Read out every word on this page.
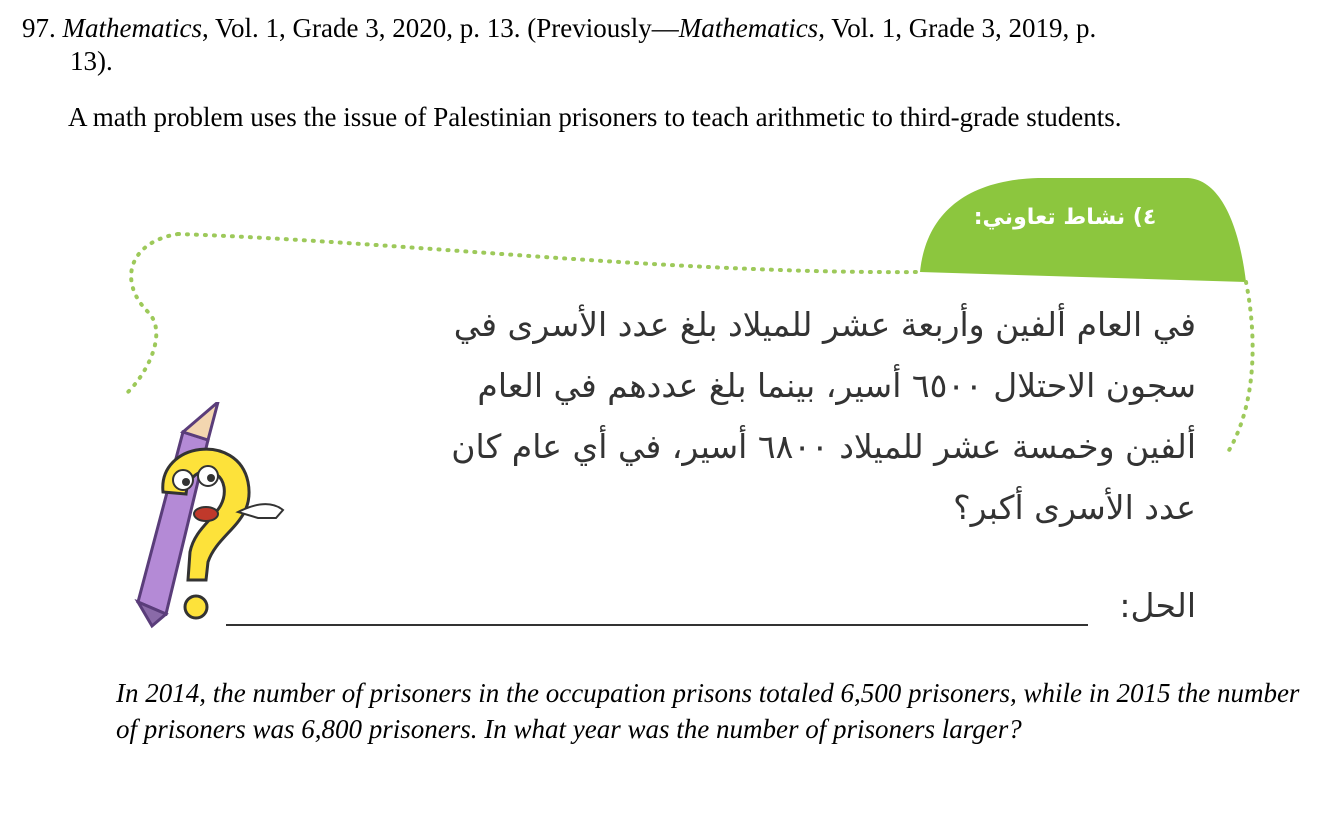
97. Mathematics, Vol. 1, Grade 3, 2020, p. 13. (Previously—Mathematics, Vol. 1, Grade 3, 2019, p.
13).
A math problem uses the issue of Palestinian prisoners to teach arithmetic to third-grade students.
٤) نشاط تعاوني:
في العام ألفين وأربعة عشر للميلاد بلغ عدد الأسرى في
سجون الاحتلال ٦٥٠٠ أسير، بينما بلغ عددهم في العام
ألفين وخمسة عشر للميلاد ٦٨٠٠ أسير، في أي عام كان
عدد الأسرى أكبر؟
الحل:
In 2014, the number of prisoners in the occupation prisons totaled 6,500 prisoners, while in 2015 the number of prisoners was 6,800 prisoners. In what year was the number of prisoners larger?
